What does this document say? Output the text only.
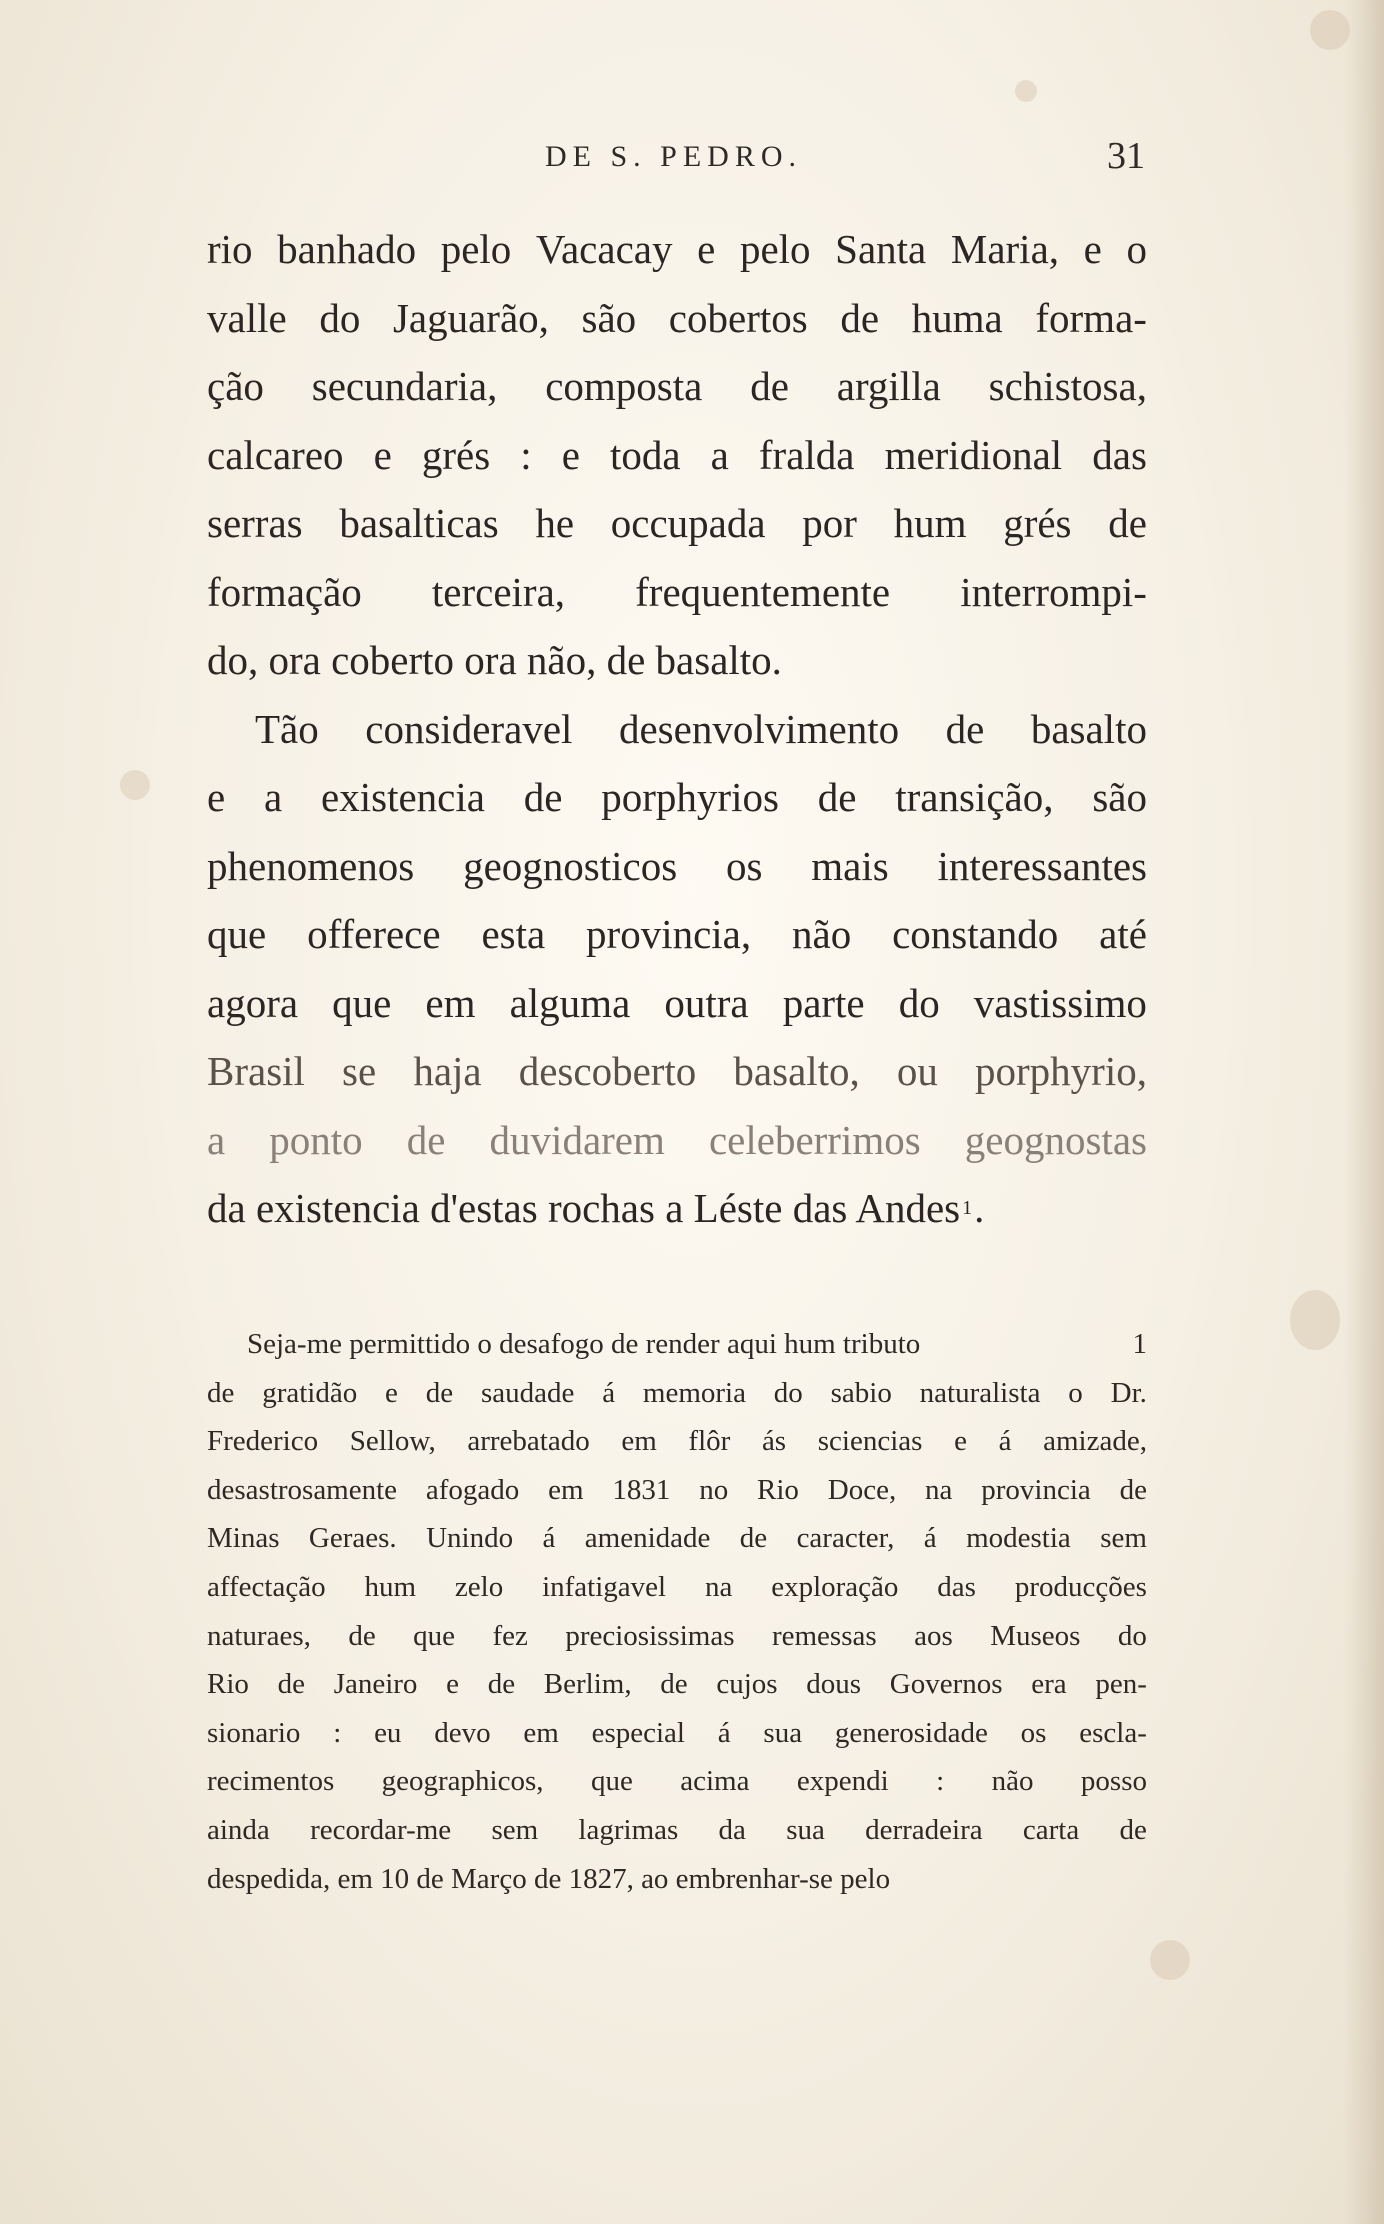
DE S. PEDRO.	31
rio banhado pelo Vacacay e pelo Santa Maria, e o
valle do Jaguarão, são cobertos de huma forma-
ção secundaria, composta de argilla schistosa,
calcareo e grés : e toda a fralda meridional das
serras basalticas he occupada por hum grés de
formação terceira, frequentemente interrompi-
do, ora coberto ora não, de basalto.
Tão consideravel desenvolvimento de basalto
e a existencia de porphyrios de transição, são
phenomenos geognosticos os mais interessantes
que offerece esta provincia, não constando até
agora que em alguma outra parte do vastissimo
Brasil se haja descoberto basalto, ou porphyrio,
a ponto de duvidarem celeberrimos geognostas
da existencia d'estas rochas a Léste das Andes 1 .
Seja-me permittido o desafogo de render aqui hum tributo	1
de gratidão e de saudade á memoria do sabio naturalista o Dr.
Frederico Sellow, arrebatado em flôr ás sciencias e á amizade,
desastrosamente afogado em 1831 no Rio Doce, na provincia de
Minas Geraes. Unindo á amenidade de caracter, á modestia sem
affectação hum zelo infatigavel na exploração das producções
naturaes, de que fez preciosissimas remessas aos Museos do
Rio de Janeiro e de Berlim, de cujos dous Governos era pen-
sionario : eu devo em especial á sua generosidade os escla-
recimentos geographicos, que acima expendi : não posso
ainda recordar-me sem lagrimas da sua derradeira carta de
despedida, em 10 de Março de 1827, ao embrenhar-se pelo
